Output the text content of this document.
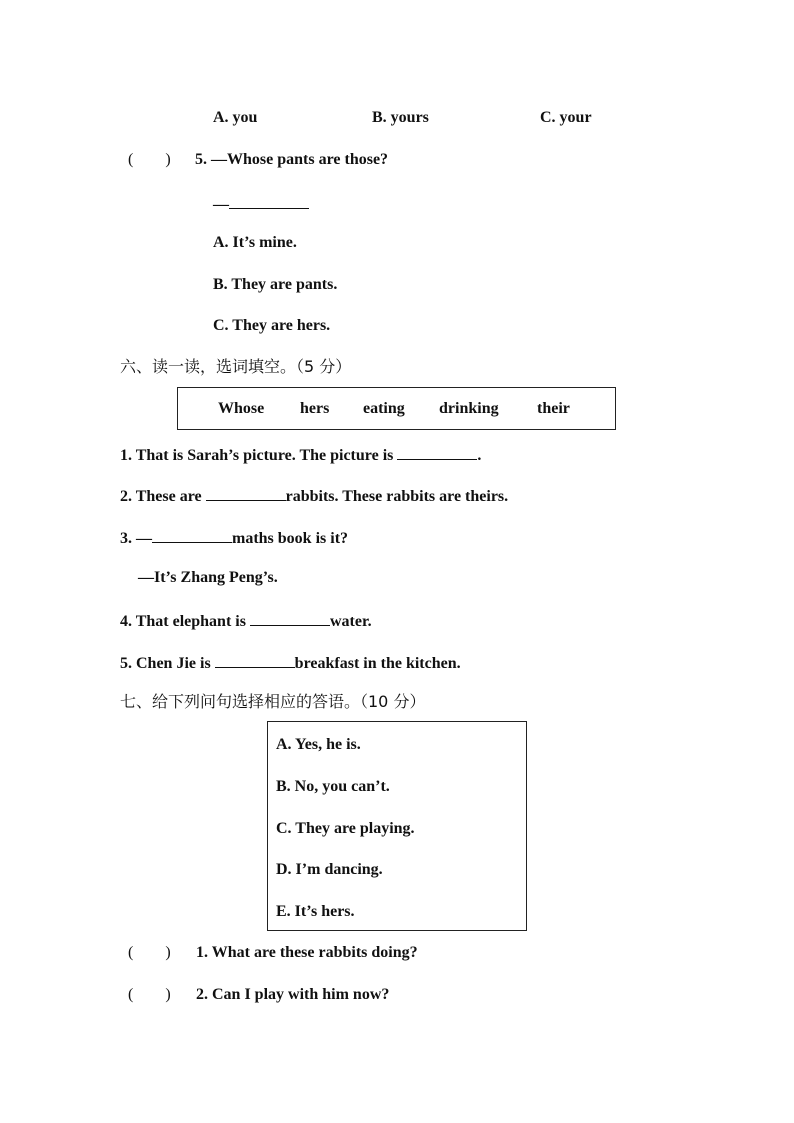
A. you	B. yours	C. your
(        ) 5. —Whose pants are those?
—
A. It’s mine.
B. They are pants.
C. They are hers.
六、读一读，选词填空。（5 分）
Whose hers eating drinking their
1. That is Sarah’s picture. The picture is	.
2. These are	rabbits. These rabbits are theirs.
3. —	maths book is it?
—It’s Zhang Peng’s.
4. That elephant is	water.
5. Chen Jie is	breakfast in the kitchen.
七、给下列问句选择相应的答语。（10 分）
A. Yes, he is.
B. No, you can’t.
C. They are playing.
D. I’m dancing.
E. It’s hers.
(        ) 1. What are these rabbits doing?
(        ) 2. Can I play with him now?
